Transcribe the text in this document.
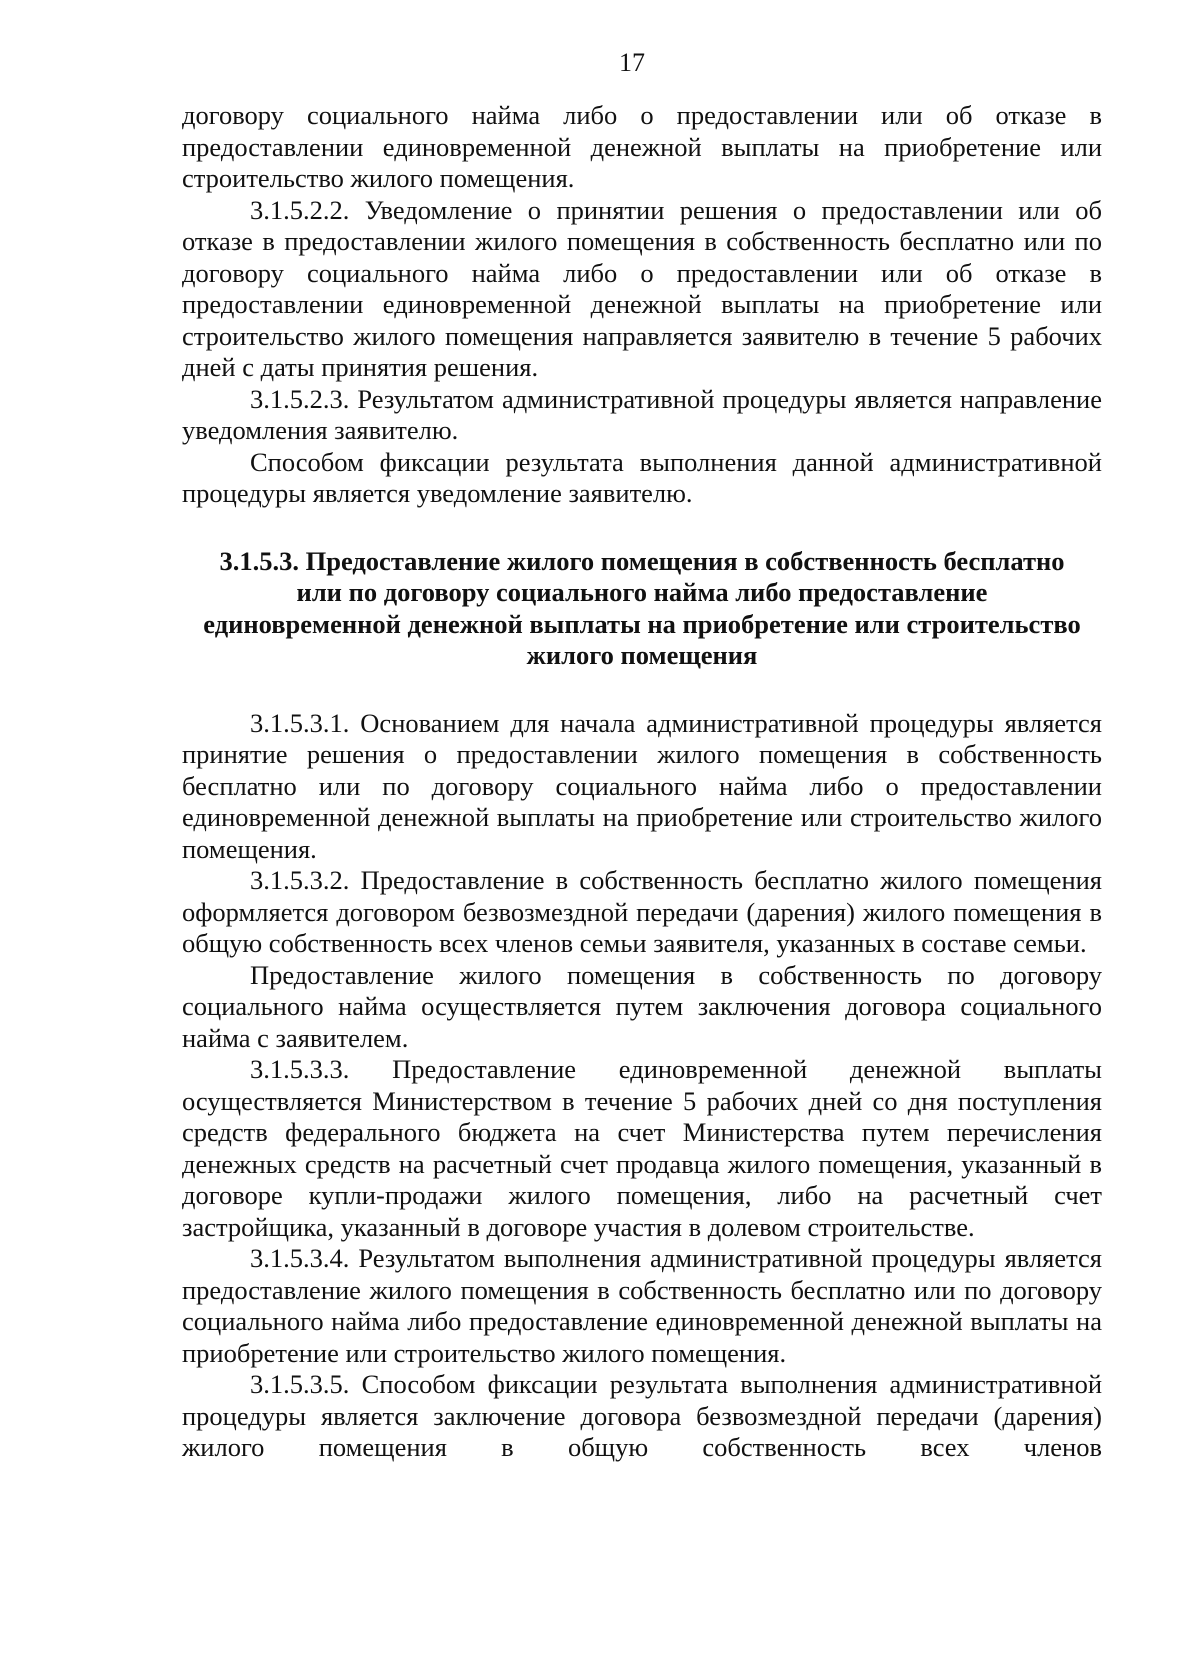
17

договору социального найма либо о предоставлении или об отказе в предоставлении единовременной денежной выплаты на приобретение или строительство жилого помещения.

3.1.5.2.2. Уведомление о принятии решения о предоставлении или об отказе в предоставлении жилого помещения в собственность бесплатно или по договору социального найма либо о предоставлении или об отказе в предоставлении единовременной денежной выплаты на приобретение или строительство жилого помещения направляется заявителю в течение 5 рабочих дней с даты принятия решения.

3.1.5.2.3. Результатом административной процедуры является направление уведомления заявителю.

Способом фиксации результата выполнения данной административной процедуры является уведомление заявителю.

3.1.5.3. Предоставление жилого помещения в собственность бесплатно
или по договору социального найма либо предоставление
единовременной денежной выплаты на приобретение или строительство
жилого помещения

3.1.5.3.1. Основанием для начала административной процедуры является принятие решения о предоставлении жилого помещения в собственность бесплатно или по договору социального найма либо о предоставлении единовременной денежной выплаты на приобретение или строительство жилого помещения.

3.1.5.3.2. Предоставление в собственность бесплатно жилого помещения оформляется договором безвозмездной передачи (дарения) жилого помещения в общую собственность всех членов семьи заявителя, указанных в составе семьи.

Предоставление жилого помещения в собственность по договору социального найма осуществляется путем заключения договора социального найма с заявителем.

3.1.5.3.3. Предоставление единовременной денежной выплаты осуществляется Министерством в течение 5 рабочих дней со дня поступления средств федерального бюджета на счет Министерства путем перечисления денежных средств на расчетный счет продавца жилого помещения, указанный в договоре купли-продажи жилого помещения, либо на расчетный счет застройщика, указанный в договоре участия в долевом строительстве.

3.1.5.3.4. Результатом выполнения административной процедуры является предоставление жилого помещения в собственность бесплатно или по договору социального найма либо предоставление единовременной денежной выплаты на приобретение или строительство жилого помещения.

3.1.5.3.5. Способом фиксации результата выполнения административной процедуры является заключение договора безвозмездной передачи (дарения) жилого помещения в общую собственность всех членов
